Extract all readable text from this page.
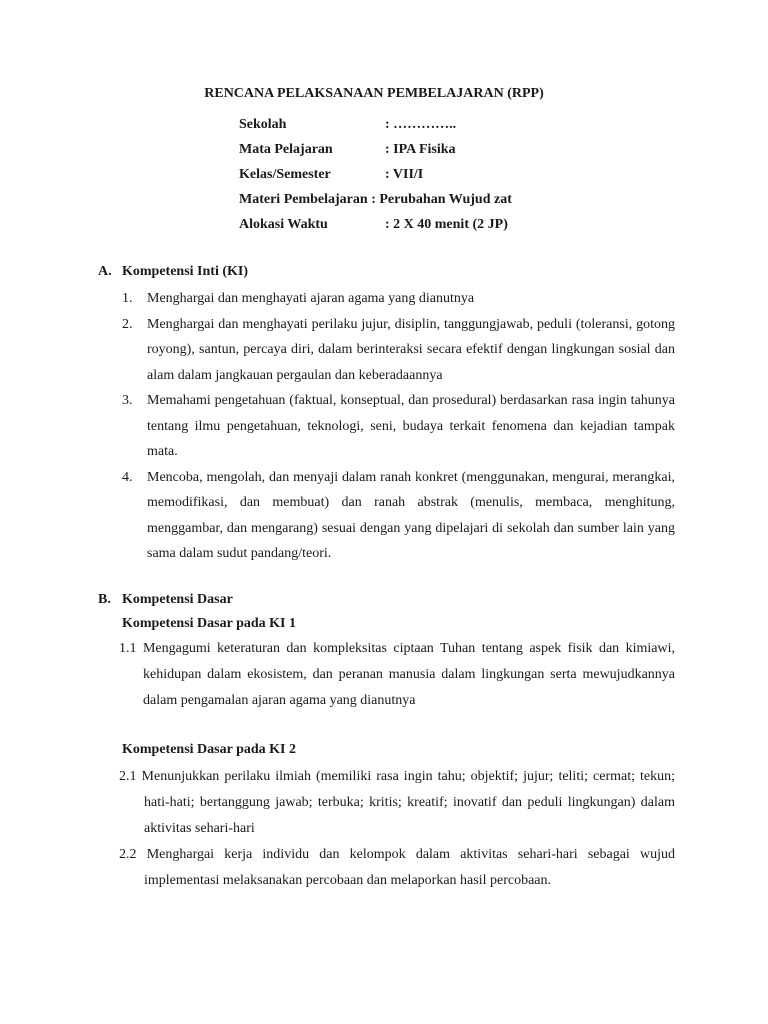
RENCANA PELAKSANAAN PEMBELAJARAN (RPP)
Sekolah	: …………..
Mata Pelajaran	: IPA Fisika
Kelas/Semester	: VII/I
Materi Pembelajaran : Perubahan Wujud zat
Alokasi Waktu	: 2 X 40 menit (2 JP)
A. Kompetensi Inti (KI)
1. Menghargai dan menghayati ajaran agama yang dianutnya
2. Menghargai dan menghayati perilaku jujur, disiplin, tanggungjawab, peduli (toleransi, gotong royong), santun, percaya diri, dalam berinteraksi secara efektif dengan lingkungan sosial dan alam dalam jangkauan pergaulan dan keberadaannya
3. Memahami pengetahuan (faktual, konseptual, dan prosedural) berdasarkan rasa ingin tahunya tentang ilmu pengetahuan, teknologi, seni, budaya terkait fenomena dan kejadian tampak mata.
4. Mencoba, mengolah, dan menyaji dalam ranah konkret (menggunakan, mengurai, merangkai, memodifikasi, dan membuat) dan ranah abstrak (menulis, membaca, menghitung, menggambar, dan mengarang) sesuai dengan yang dipelajari di sekolah dan sumber lain yang sama dalam sudut pandang/teori.
B. Kompetensi Dasar
Kompetensi Dasar pada KI 1
1.1 Mengagumi keteraturan dan kompleksitas ciptaan Tuhan tentang aspek fisik dan kimiawi, kehidupan dalam ekosistem, dan peranan manusia dalam lingkungan serta mewujudkannya dalam pengamalan ajaran agama yang dianutnya
Kompetensi Dasar pada KI 2
2.1 Menunjukkan perilaku ilmiah (memiliki rasa ingin tahu; objektif; jujur; teliti; cermat; tekun; hati-hati; bertanggung jawab; terbuka; kritis; kreatif; inovatif dan peduli lingkungan) dalam aktivitas sehari-hari
2.2 Menghargai kerja individu dan kelompok dalam aktivitas sehari-hari sebagai wujud implementasi melaksanakan percobaan dan melaporkan hasil percobaan.
